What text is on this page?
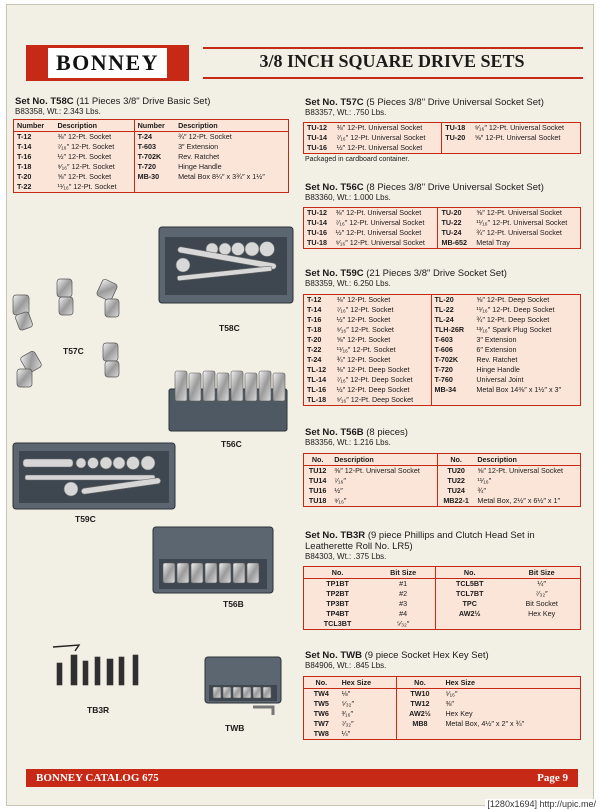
BONNEY	3/8 INCH SQUARE DRIVE SETS
Set No. T58C (11 Pieces 3/8" Drive Basic Set)
B83358, Wt.: 2.343 Lbs.
Number	Description	Number	Description
T-12	⅜″ 12-Pt. Socket	T-24	¾″ 12-Pt. Socket
T-14	⁷⁄₁₆″ 12-Pt. Socket	T-603	3″ Extension
T-16	½″ 12-Pt. Socket	T-702K	Rev. Ratchet
T-18	⁹⁄₁₆″ 12-Pt. Socket	T-720	Hinge Handle
T-20	⅝″ 12-Pt. Socket	MB-30	Metal Box 8¼″ x 3¾″ x 1½″
T-22	¹¹⁄₁₆″ 12-Pt. Socket		
Set No. T57C (5 Pieces 3/8" Drive Universal Socket Set)
B83357, Wt.: .750 Lbs.
TU-12	⅜″ 12-Pt. Universal Socket	TU-18	⁹⁄₁₆″ 12-Pt. Universal Socket
TU-14	⁷⁄₁₆″ 12-Pt. Universal Socket	TU-20	⅝″ 12-Pt. Universal Socket
TU-16	½″ 12-Pt. Universal Socket		
Packaged in cardboard container.
Set No. T56C (8 Pieces 3/8" Drive Universal Socket Set)
B83360, Wt.: 1.000 Lbs.
TU-12	⅜″ 12-Pt. Universal Socket	TU-20	⅝″ 12-Pt. Universal Socket
TU-14	⁷⁄₁₆″ 12-Pt. Universal Socket	TU-22	¹¹⁄₁₆″ 12-Pt. Universal Socket
TU-16	½″ 12-Pt. Universal Socket	TU-24	¾″ 12-Pt. Universal Socket
TU-18	⁹⁄₁₆″ 12-Pt. Universal Socket	MB-652	Metal Tray
Set No. T59C (21 Pieces 3/8" Drive Socket Set)
B83359, Wt.: 6.250 Lbs.
T-12	⅜″ 12-Pt. Socket	TL-20	⅝″ 12-Pt. Deep Socket
T-14	⁷⁄₁₆″ 12-Pt. Socket	TL-22	¹¹⁄₁₆″ 12-Pt. Deep Socket
T-16	½″ 12-Pt. Socket	TL-24	¾″ 12-Pt. Deep Socket
T-18	⁹⁄₁₆″ 12-Pt. Socket	TLH-26R	¹³⁄₁₆″ Spark Plug Socket
T-20	⅝″ 12-Pt. Socket	T-603	3″ Extension
T-22	¹¹⁄₁₆″ 12-Pt. Socket	T-606	6″ Extension
T-24	¾″ 12-Pt. Socket	T-702K	Rev. Ratchet
TL-12	⅜″ 12-Pt. Deep Socket	T-720	Hinge Handle
TL-14	⁷⁄₁₆″ 12-Pt. Deep Socket	T-760	Universal Joint
TL-16	½″ 12-Pt. Deep Socket	MB-34	Metal Box 14⅜″ x 1½″ x 3″
TL-18	⁹⁄₁₆″ 12-Pt. Deep Socket		
Set No. T56B (8 pieces)
B83356, Wt.: 1.216 Lbs.
No.	Description	No.	Description
TU12	⅜″ 12-Pt. Universal Socket	TU20	⅝″ 12-Pt. Universal Socket
TU14	⁷⁄₁₆″	TU22	¹¹⁄₁₆″
TU16	½″	TU24	¾″
TU18	⁹⁄₁₆″	MB22-1	Metal Box, 2½″ x 6½″ x 1″
Set No. TB3R (9 piece Phillips and Clutch Head Set in
Leatherette Roll No. LR5)
B84303, Wt.: .375 Lbs.
No.	Bit Size	No.	Bit Size
TP1BT	#1	TCL5BT	¼″
TP2BT	#2	TCL7BT	⁷⁄₃₂″
TP3BT	#3	TPC	Bit Socket
TP4BT	#4	AW2½	Hex Key
TCL3BT	⁵⁄₃₂″		
Set No. TWB (9 piece Socket Hex Key Set)
B84906, Wt.: .845 Lbs.
No.	Hex Size	No.	Hex Size
TW4	⅛″	TW10	⁵⁄₁₆″
TW5	⁵⁄₃₂″	TW12	⅜″
TW6	³⁄₁₆″	AW2½	Hex Key
TW7	⁷⁄₃₂″	MB8	Metal Box, 4½″ x 2″ x ¾″
TW8	¼″		
T57C
T58C
T56C
T59C
T56B
TB3R
TWB
BONNEY CATALOG 675	Page 9
[1280x1694] http://upic.me/
